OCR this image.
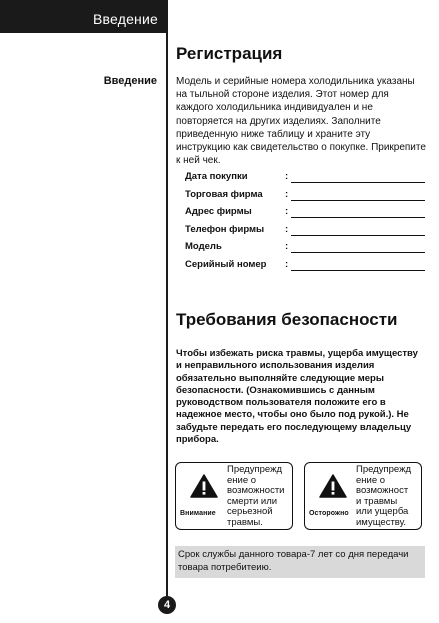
Введение
Введение
Регистрация
Модель и серийные номера холодильника указаны на тыльной стороне изделия. Этот номер для каждого холодильника индивидуален и не повторяется на других изделиях. Заполните приведенную ниже таблицу и храните эту инструкцию как свидетельство о покупке. Прикрепите к ней чек.
Дата покупки	:
Торговая фирма :
Адрес фирмы	:
Телефон фирмы :
Модель	:
Серийный номер :
Требования безопасности
Чтобы избежать риска травмы, ущерба имуществу и неправильного использования изделия обязательно выполняйте следующие меры безопасности. (Ознакомившись с данным руководством пользователя положите его в надежное место, чтобы оно было под рукой.). Не забудьте передать его последующему владельцу прибора.
Внимание
Предупрежд
ение о
возможности
смерти или
серьезной
травмы.
Осторожно
Предупрежд
ение о
возможност
и травмы
или ущерба
имуществу.
Срок службы данного товара-7 лет со дня передачи товара потребитеию.
4
